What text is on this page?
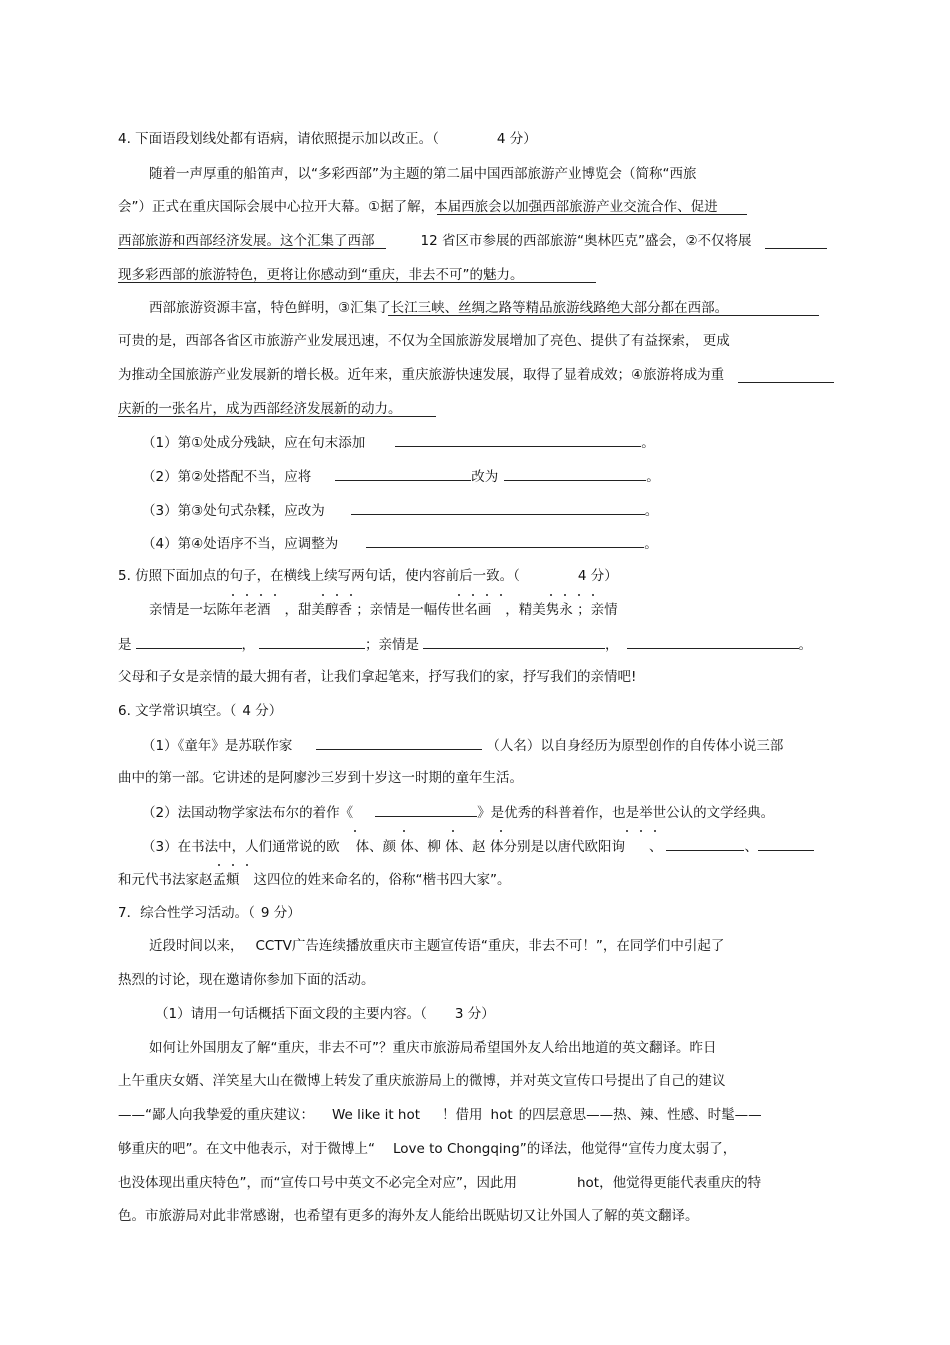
4. 下面语段划线处都有语病，请依照提示加以改正。（	4 分）
随着一声厚重的船笛声，以“多彩西部”为主题的第二届中国西部旅游产业博览会（简称“西旅
会”）正式在重庆国际会展中心拉开大幕。①据了解，本届西旅会以加强西部旅游产业交流合作、促进
西部旅游和西部经济发展。这个汇集了西部	12 省区市参展的西部旅游“奥林匹克”盛会，②不仅将展
现多彩西部的旅游特色，更将让你感动到“重庆，非去不可”的魅力。
西部旅游资源丰富，特色鲜明，③汇集了长江三峡、丝绸之路等精品旅游线路绝大部分都在西部。
可贵的是，西部各省区市旅游产业发展迅速，不仅为全国旅游发展增加了亮色、提供了有益探索， 更成
为推动全国旅游产业发展新的增长极。近年来，重庆旅游快速发展，取得了显着成效；④旅游将成为重
庆新的一张名片，成为西部经济发展新的动力。
（1）第①处成分残缺，应在句末添加	。
（2）第②处搭配不当，应将	改为	。
（3）第③处句式杂糅，应改为	。
（4）第④处语序不当，应调整为	。
5. 仿照下面加点的句子，在横线上续写两句话，使内容前后一致。（	4 分）
亲情是一坛陈年老酒 ，甜美醇香 ；亲情是一幅传世名画 ，精美隽永 ；亲情
是	，	；亲情是	，	。
父母和子女是亲情的最大拥有者，让我们拿起笔来，抒写我们的家，抒写我们的亲情吧!
6. 文学常识填空。（ 4 分）
（1）《童年》是苏联作家	（人名）以自身经历为原型创作的自传体小说三部
曲中的第一部。它讲述的是阿廖沙三岁到十岁这一时期的童年生活。
（2）法国动物学家法布尔的着作《	》是优秀的科普着作，也是举世公认的文学经典。
（3）在书法中，人们通常说的欧 体、颜 体、柳 体、赵 体分别是以唐代欧阳询 、	、
和元代书法家赵孟頫 这四位的姓来命名的，俗称“楷书四大家”。
7．综合性学习活动。（ 9 分）
近段时间以来， CCTV广告连续播放重庆市主题宣传语“重庆，非去不可！”，在同学们中引起了
热烈的讨论，现在邀请你参加下面的活动。
（1）请用一句话概括下面文段的主要内容。（ 3 分）
如何让外国朋友了解“重庆，非去不可”？重庆市旅游局希望国外友人给出地道的英文翻译。昨日
上午重庆女婿、洋笑星大山在微博上转发了重庆旅游局上的微博，并对英文宣传口号提出了自己的建议
——“鄙人向我挚爱的重庆建议： We like it hot ！借用 hot 的四层意思——热、辣、性感、时髦——
够重庆的吧”。在文中他表示，对于微博上“ Love to Chongqing”的译法，他觉得“宣传力度太弱了，
也没体现出重庆特色”，而“宣传口号中英文不必完全对应”，因此用	hot，他觉得更能代表重庆的特
色。市旅游局对此非常感谢，也希望有更多的海外友人能给出既贴切又让外国人了解的英文翻译。
